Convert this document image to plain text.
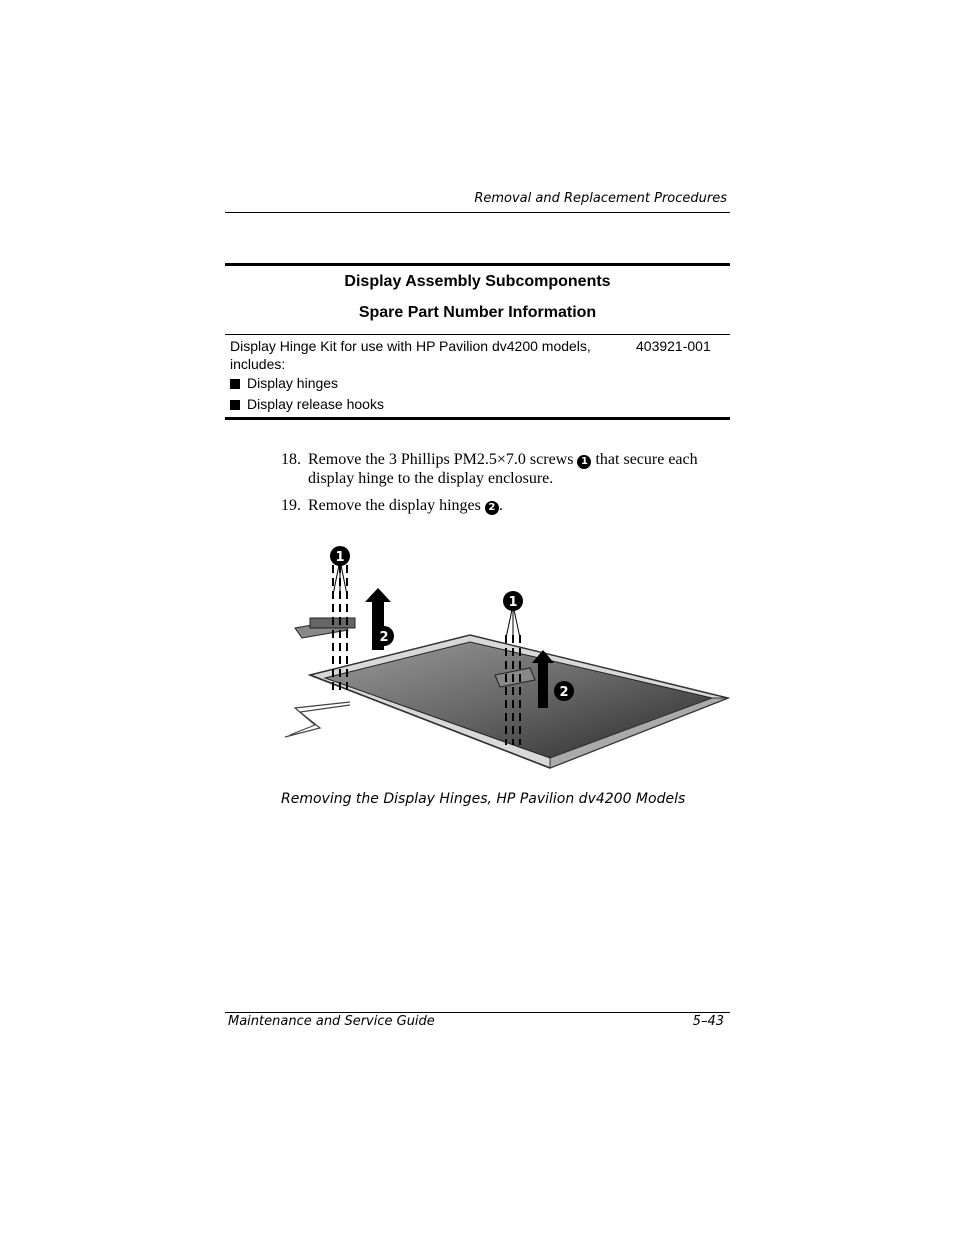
Removal and Replacement Procedures
Display Assembly Subcomponents
Spare Part Number Information
Display Hinge Kit for use with HP Pavilion dv4200 models,
includes:
403921-001
Display hinges
Display release hooks
18. Remove the 3 Phillips PM2.5×7.0 screws 1 that secure each
display hinge to the display enclosure.
19. Remove the display hinges 2 .
1
2
1
2
Removing the Display Hinges, HP Pavilion dv4200 Models
Maintenance and Service Guide	5–43
